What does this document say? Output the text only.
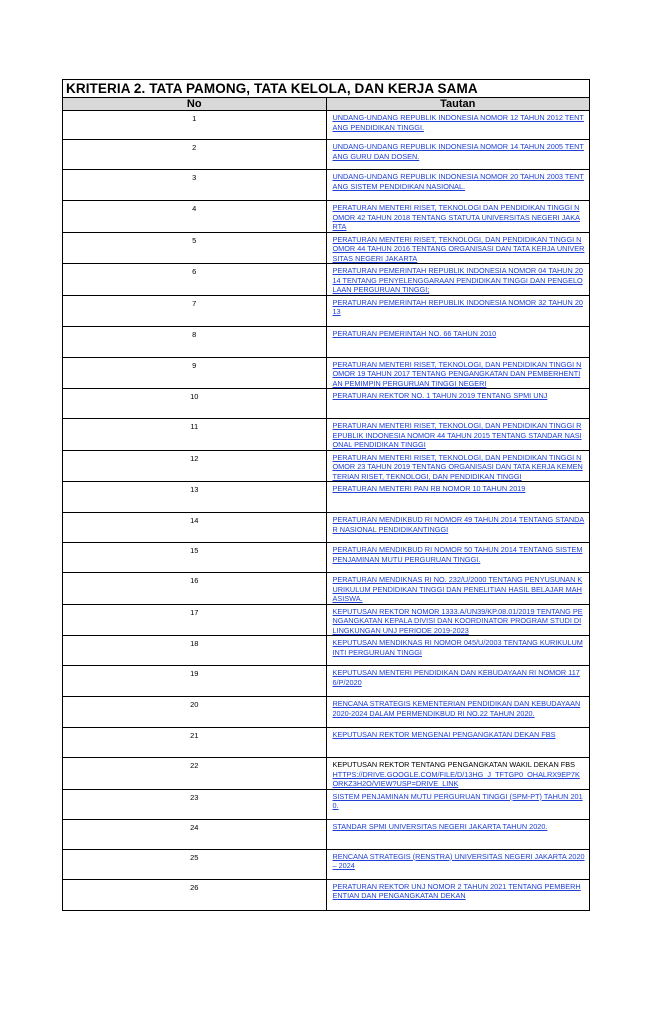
KRITERIA 2. TATA PAMONG, TATA KELOLA, DAN KERJA SAMA	
No	Tautan
1	UNDANG-UNDANG REPUBLIK INDONESIA NOMOR 12 TAHUN 2012 TENTANG PENDIDIKAN TINGGI.
2	UNDANG-UNDANG REPUBLIK INDONESIA NOMOR 14 TAHUN 2005 TENTANG GURU DAN DOSEN.
3	UNDANG-UNDANG REPUBLIK INDONESIA NOMOR 20 TAHUN 2003 TENTANG SISTEM PENDIDIKAN NASIONAL.
4	PERATURAN MENTERI RISET, TEKNOLOGI DAN PENDIDIKAN TINGGI NOMOR 42 TAHUN 2018 TENTANG STATUTA UNIVERSITAS NEGERI JAKARTA
5	PERATURAN MENTERI RISET, TEKNOLOGI, DAN PENDIDIKAN TINGGI NOMOR 44 TAHUN 2016 TENTANG ORGANISASI DAN TATA KERJA UNIVERSITAS NEGERI JAKARTA
6	PERATURAN PEMERINTAH REPUBLIK INDONESIA NOMOR 04 TAHUN 2014 TENTANG PENYELENGGARAAN PENDIDIKAN TINGGI DAN PENGELOLAAN PERGURUAN TINGGI;
7	PERATURAN PEMERINTAH REPUBLIK INDONESIA NOMOR 32 TAHUN 2013
8	PERATURAN PEMERINTAH NO. 66 TAHUN 2010
9	PERATURAN MENTERI RISET, TEKNOLOGI, DAN PENDIDIKAN TINGGI NOMOR 19 TAHUN 2017 TENTANG PENGANGKATAN DAN PEMBERHENTIAN PEMIMPIN PERGURUAN TINGGI NEGERI
10	PERATURAN REKTOR NO. 1 TAHUN 2019 TENTANG SPMI UNJ
11	PERATURAN MENTERI RISET, TEKNOLOGI, DAN PENDIDIKAN TINGGI REPUBLIK INDONESIA NOMOR 44 TAHUN 2015 TENTANG STANDAR NASIONAL PENDIDIKAN TINGGI
12	PERATURAN MENTERI RISET, TEKNOLOGI, DAN PENDIDIKAN TINGGI NOMOR 23 TAHUN 2019 TENTANG ORGANISASI DAN TATA KERJA KEMENTERIAN RISET, TEKNOLOGI, DAN PENDIDIKAN TINGGI
13	PERATURAN MENTERI PAN RB NOMOR 10 TAHUN 2019
14	PERATURAN MENDIKBUD RI NOMOR 49 TAHUN 2014 TENTANG STANDAR NASIONAL PENDIDIKANTINGGI
15	PERATURAN MENDIKBUD RI NOMOR 50 TAHUN 2014 TENTANG SISTEM PENJAMINAN MUTU PERGURUAN TINGGI.
16	PERATURAN MENDIKNAS RI NO. 232/U/2000 TENTANG PENYUSUNAN KURIKULUM PENDIDIKAN TINGGI DAN PENELITIAN HASIL BELAJAR MAHASISWA.
17	KEPUTUSAN REKTOR NOMOR 1333.A/UN39/KP.08.01/2019 TENTANG PENGANGKATAN KEPALA DIVISI DAN KOORDINATOR PROGRAM STUDI DI LINGKUNGAN UNJ PERIODE 2019-2023
18	KEPUTUSAN MENDIKNAS RI NOMOR 045/U/2003 TENTANG KURIKULUM INTI PERGURUAN TINGGI
19	KEPUTUSAN MENTERI PENDIDIKAN DAN KEBUDAYAAN RI NOMOR 1176/P/2020
20	RENCANA STRATEGIS KEMENTERIAN PENDIDIKAN DAN KEBUDAYAAN 2020-2024 DALAM PERMENDIKBUD RI NO.22 TAHUN 2020.
21	KEPUTUSAN REKTOR MENGENAI PENGANGKATAN DEKAN FBS
22	KEPUTUSAN REKTOR TENTANG PENGANGKATAN WAKIL DEKAN FBS
HTTPS://DRIVE.GOOGLE.COM/FILE/D/13HG_J_TFTGP0_OHALRX9EP7KORKZ3H2O/VIEW?USP=DRIVE_LINK
23	SISTEM PENJAMINAN MUTU PERGURUAN TINGGI (SPM-PT) TAHUN 2010.
24	STANDAR SPMI UNIVERSITAS NEGERI JAKARTA TAHUN 2020.
25	RENCANA STRATEGIS (RENSTRA) UNIVERSITAS NEGERI JAKARTA 2020 – 2024
26	PERATURAN REKTOR UNJ NOMOR 2 TAHUN 2021 TENTANG PEMBERHENTIAN DAN PENGANGKATAN DEKAN
